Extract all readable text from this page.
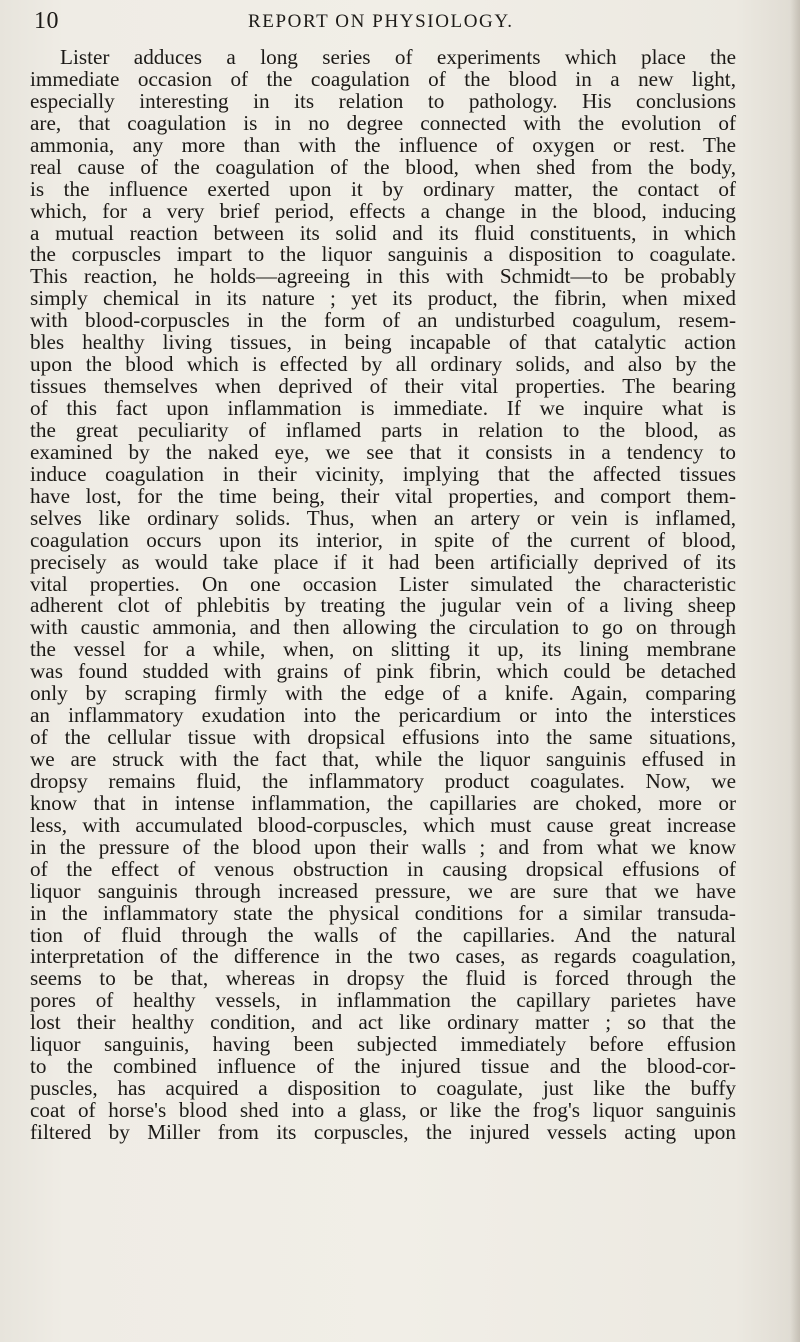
10	REPORT ON PHYSIOLOGY.
Lister adduces a long series of experiments which place the
immediate occasion of the coagulation of the blood in a new light,
especially interesting in its relation to pathology. His conclusions
are, that coagulation is in no degree connected with the evolution of
ammonia, any more than with the influence of oxygen or rest. The
real cause of the coagulation of the blood, when shed from the body,
is the influence exerted upon it by ordinary matter, the contact of
which, for a very brief period, effects a change in the blood, inducing
a mutual reaction between its solid and its fluid constituents, in which
the corpuscles impart to the liquor sanguinis a disposition to coagulate.
This reaction, he holds—agreeing in this with Schmidt—to be probably
simply chemical in its nature ; yet its product, the fibrin, when mixed
with blood-corpuscles in the form of an undisturbed coagulum, resem-
bles healthy living tissues, in being incapable of that catalytic action
upon the blood which is effected by all ordinary solids, and also by the
tissues themselves when deprived of their vital properties. The bearing
of this fact upon inflammation is immediate. If we inquire what is
the great peculiarity of inflamed parts in relation to the blood, as
examined by the naked eye, we see that it consists in a tendency to
induce coagulation in their vicinity, implying that the affected tissues
have lost, for the time being, their vital properties, and comport them-
selves like ordinary solids. Thus, when an artery or vein is inflamed,
coagulation occurs upon its interior, in spite of the current of blood,
precisely as would take place if it had been artificially deprived of its
vital properties. On one occasion Lister simulated the characteristic
adherent clot of phlebitis by treating the jugular vein of a living sheep
with caustic ammonia, and then allowing the circulation to go on through
the vessel for a while, when, on slitting it up, its lining membrane
was found studded with grains of pink fibrin, which could be detached
only by scraping firmly with the edge of a knife. Again, comparing
an inflammatory exudation into the pericardium or into the interstices
of the cellular tissue with dropsical effusions into the same situations,
we are struck with the fact that, while the liquor sanguinis effused in
dropsy remains fluid, the inflammatory product coagulates. Now, we
know that in intense inflammation, the capillaries are choked, more or
less, with accumulated blood-corpuscles, which must cause great increase
in the pressure of the blood upon their walls ; and from what we know
of the effect of venous obstruction in causing dropsical effusions of
liquor sanguinis through increased pressure, we are sure that we have
in the inflammatory state the physical conditions for a similar transuda-
tion of fluid through the walls of the capillaries. And the natural
interpretation of the difference in the two cases, as regards coagulation,
seems to be that, whereas in dropsy the fluid is forced through the
pores of healthy vessels, in inflammation the capillary parietes have
lost their healthy condition, and act like ordinary matter ; so that the
liquor sanguinis, having been subjected immediately before effusion
to the combined influence of the injured tissue and the blood-cor-
puscles, has acquired a disposition to coagulate, just like the buffy
coat of horse's blood shed into a glass, or like the frog's liquor sanguinis
filtered by Miller from its corpuscles, the injured vessels acting upon
